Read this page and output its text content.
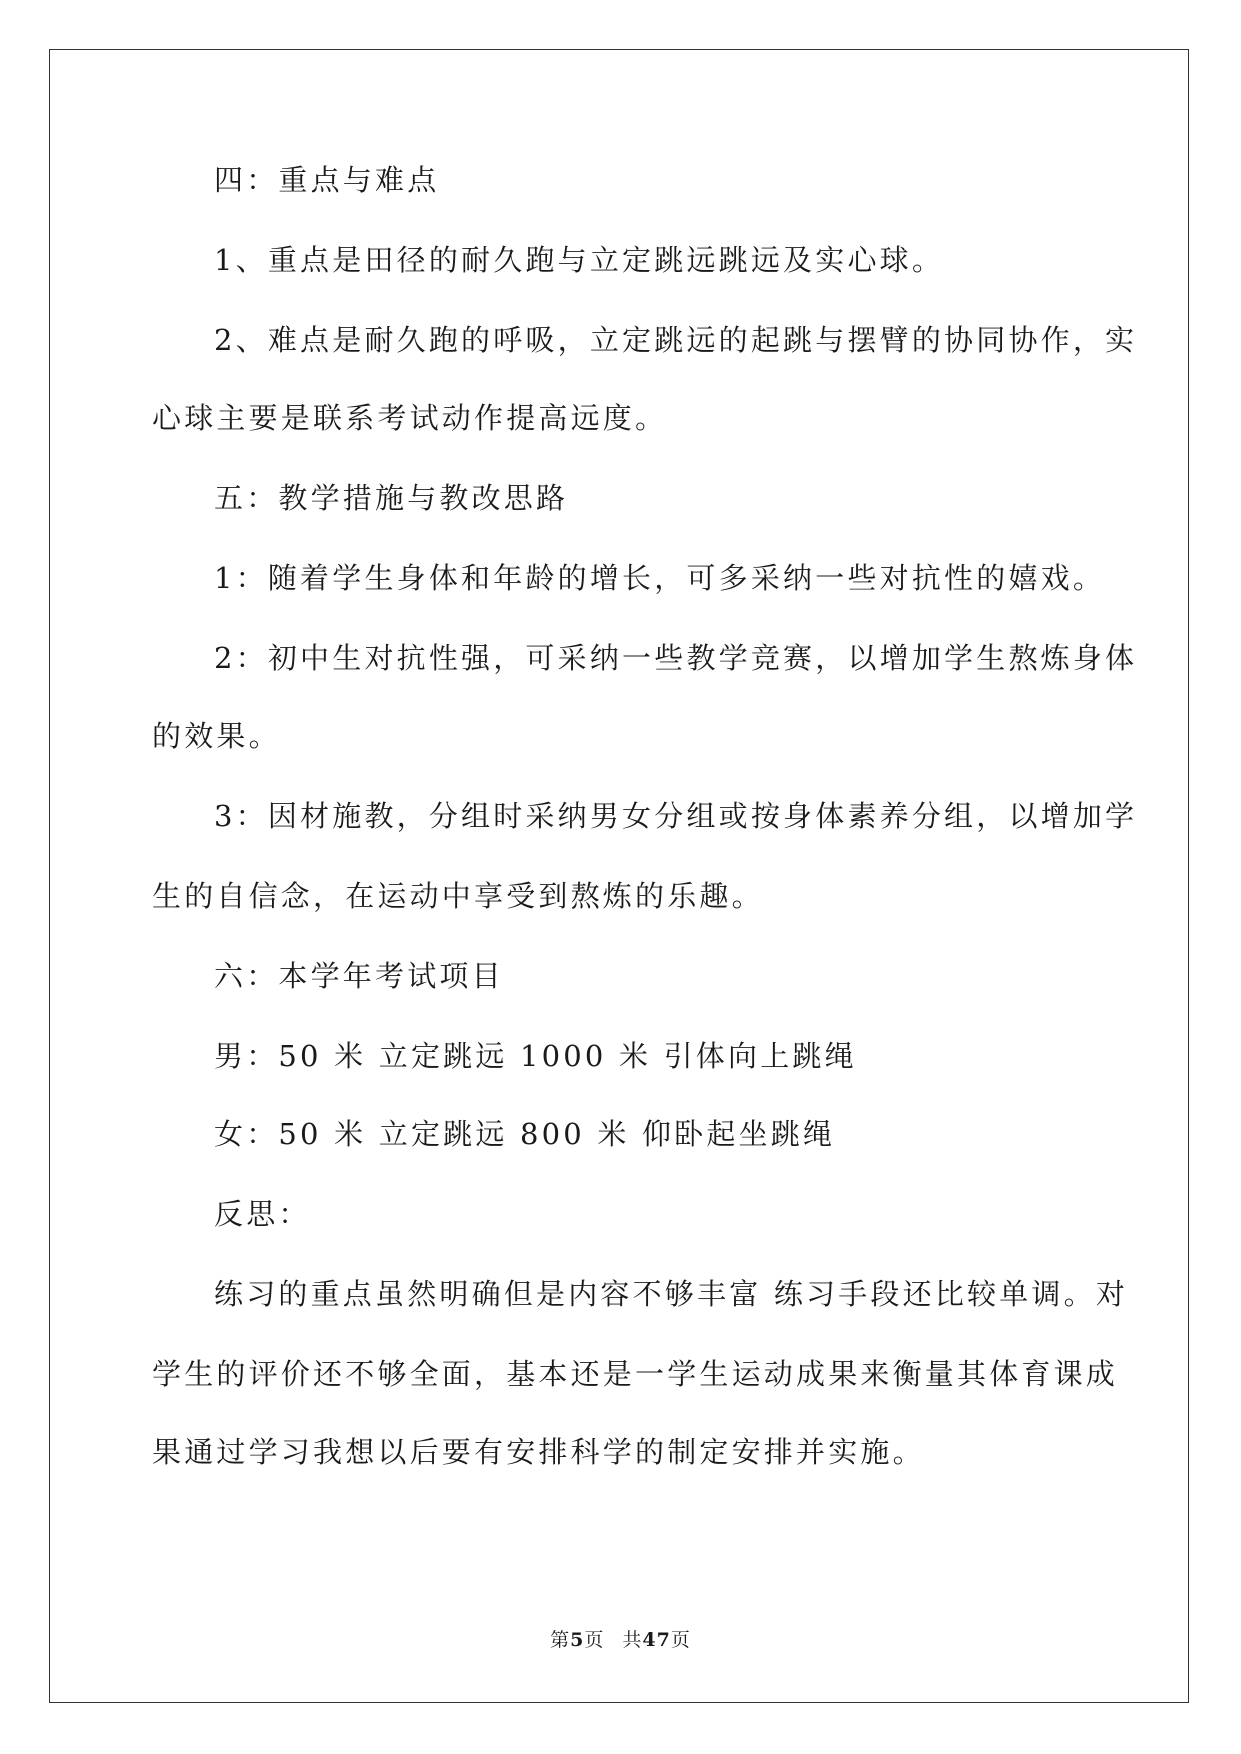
四：重点与难点

1、重点是田径的耐久跑与立定跳远跳远及实心球。

2、难点是耐久跑的呼吸，立定跳远的起跳与摆臂的协同协作，实

心球主要是联系考试动作提高远度。

五：教学措施与教改思路

1：随着学生身体和年龄的增长，可多采纳一些对抗性的嬉戏。

2：初中生对抗性强，可采纳一些教学竞赛，以增加学生熬炼身体

的效果。

3：因材施教，分组时采纳男女分组或按身体素养分组，以增加学

生的自信念，在运动中享受到熬炼的乐趣。

六：本学年考试项目

男：50 米 立定跳远 1000 米 引体向上跳绳

女：50 米 立定跳远 800 米 仰卧起坐跳绳

反思：

练习的重点虽然明确但是内容不够丰富 练习手段还比较单调。对

学生的评价还不够全面，基本还是一学生运动成果来衡量其体育课成

果通过学习我想以后要有安排科学的制定安排并实施。

第5页 共47页
